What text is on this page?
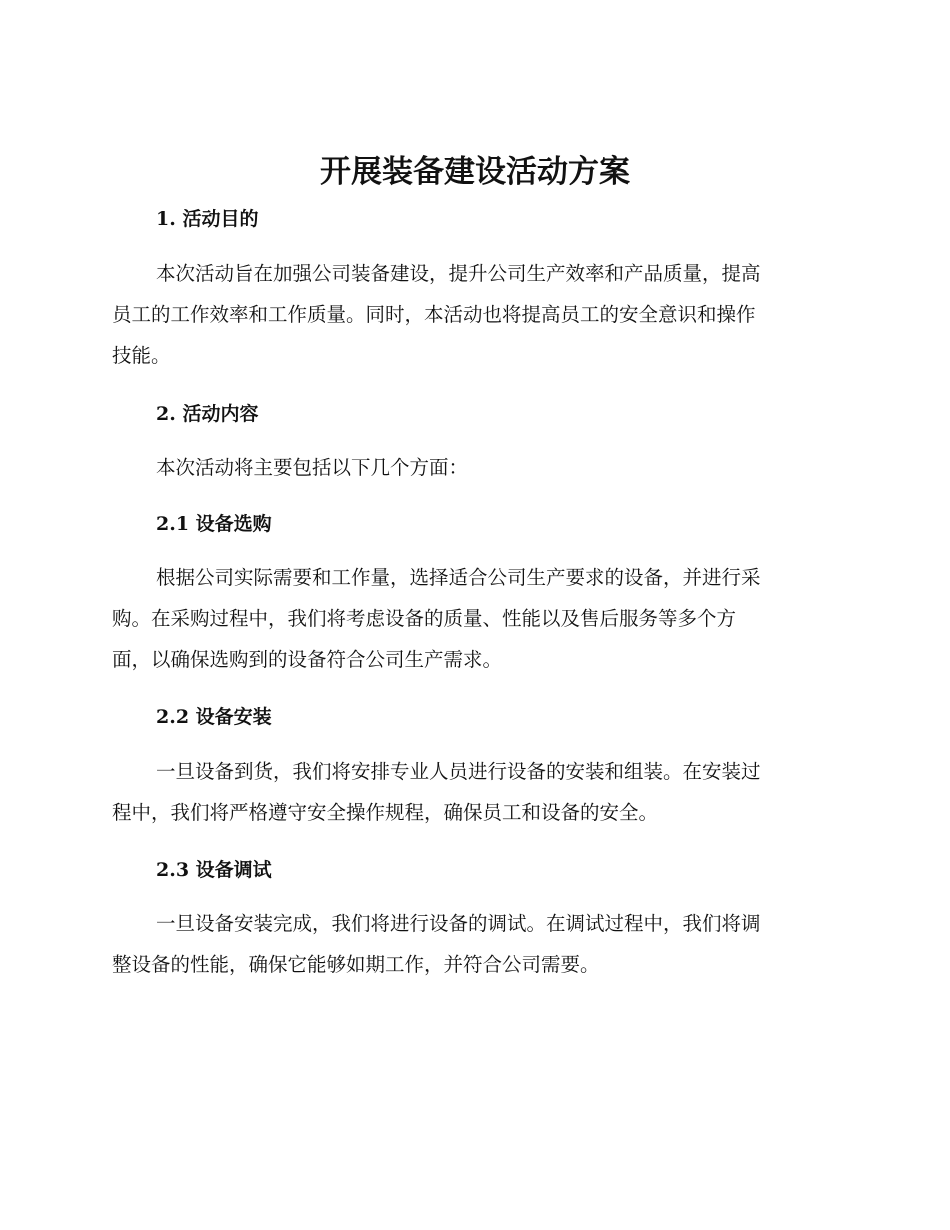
开展装备建设活动方案
1. 活动目的
本次活动旨在加强公司装备建设，提升公司生产效率和产品质量，提高
员工的工作效率和工作质量。同时，本活动也将提高员工的安全意识和操作
技能。
2. 活动内容
本次活动将主要包括以下几个方面：
2.1 设备选购
根据公司实际需要和工作量，选择适合公司生产要求的设备，并进行采
购。在采购过程中，我们将考虑设备的质量、性能以及售后服务等多个方
面，以确保选购到的设备符合公司生产需求。
2.2 设备安装
一旦设备到货，我们将安排专业人员进行设备的安装和组装。在安装过
程中，我们将严格遵守安全操作规程，确保员工和设备的安全。
2.3 设备调试
一旦设备安装完成，我们将进行设备的调试。在调试过程中，我们将调
整设备的性能，确保它能够如期工作，并符合公司需要。
